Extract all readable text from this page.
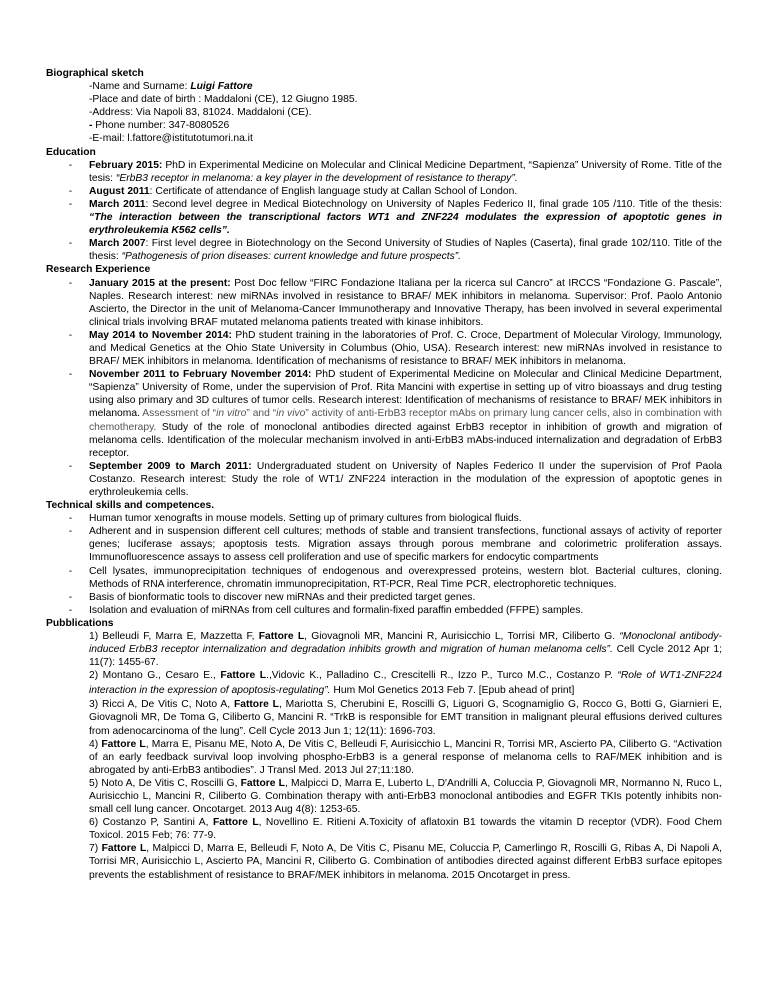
Biographical sketch
-Name and Surname: Luigi Fattore
-Place and date of birth : Maddaloni (CE), 12 Giugno 1985.
-Address: Via Napoli 83, 81024. Maddaloni (CE).
- Phone number: 347-8080526
-E-mail: l.fattore@istitutotumori.na.it
Education
-	February 2015: PhD in Experimental Medicine on Molecular and Clinical Medicine Department, “Sapienza” University of Rome. Title of the tesis: “ErbB3 receptor in melanoma: a key player in the development of resistance to therapy”.
-	August 2011: Certificate of attendance of English language study at Callan School of London.
-	March 2011: Second level degree in Medical Biotechnology on University of Naples Federico II, final grade 105 /110. Title of the thesis: “The interaction between the transcriptional factors WT1 and ZNF224 modulates the expression of apoptotic genes in erythroleukemia K562 cells”.
-	March 2007: First level degree in Biotechnology on the Second University of Studies of Naples (Caserta), final grade 102/110. Title of the thesis: “Pathogenesis of prion diseases: current knowledge and future prospects”.
Research Experience
-	January 2015 at the present: Post Doc fellow “FIRC Fondazione Italiana per la ricerca sul Cancro” at IRCCS “Fondazione G. Pascale”, Naples. Research interest: new miRNAs involved in resistance to BRAF/ MEK inhibitors in melanoma. Supervisor: Prof. Paolo Antonio Ascierto, the Director in the unit of Melanoma-Cancer Immunotherapy and Innovative Therapy, has been involved in several experimental clinical trials involving BRAF mutated melanoma patients treated with kinase inhibitors.
-	May 2014 to November 2014: PhD student training in the laboratories of Prof. C. Croce, Department of Molecular Virology, Immunology, and Medical Genetics at the Ohio State University in Columbus (Ohio, USA). Research interest: new miRNAs involved in resistance to BRAF/ MEK inhibitors in melanoma. Identification of mechanisms of resistance to BRAF/ MEK inhibitors in melanoma.
-	November 2011 to February November 2014: PhD student of Experimental Medicine on Molecular and Clinical Medicine Department, “Sapienza” University of Rome, under the supervision of Prof. Rita Mancini with expertise in setting up of vitro bioassays and drug testing using also primary and 3D cultures of tumor cells. Research interest: Identification of mechanisms of resistance to BRAF/ MEK inhibitors in melanoma. Assessment of “in vitro” and “in vivo” activity of anti-ErbB3 receptor mAbs on primary lung cancer cells, also in combination with chemotherapy. Study of the role of monoclonal antibodies directed against ErbB3 receptor in inhibition of growth and migration of melanoma cells. Identification of the molecular mechanism involved in anti-ErbB3 mAbs-induced internalization and degradation of ErbB3 receptor.
-	September 2009 to March 2011: Undergraduated student on University of Naples Federico II under the supervision of Prof Paola Costanzo. Research interest: Study the role of WT1/ ZNF224 interaction in the modulation of the expression of apoptotic genes in erythroleukemia cells.
Technical skills and competences.
-	Human tumor xenografts in mouse models. Setting up of primary cultures from biological fluids.
-	Adherent and in suspension different cell cultures; methods of stable and transient transfections, functional assays of activity of reporter genes; luciferase assays; apoptosis tests. Migration assays through porous membrane and colorimetric proliferation assays. Immunofluorescence assays to assess cell proliferation and use of specific markers for endocytic compartments
-	Cell lysates, immunoprecipitation techniques of endogenous and overexpressed proteins, western blot. Bacterial cultures, cloning. Methods of RNA interference, chromatin immunoprecipitation, RT-PCR, Real Time PCR, electrophoretic techniques.
-	Basis of bionformatic tools to discover new miRNAs and their predicted target genes.
-	Isolation and evaluation of miRNAs from cell cultures and formalin-fixed paraffin embedded (FFPE) samples.
Pubblications

1) Belleudi F, Marra E, Mazzetta F, Fattore L, Giovagnoli MR, Mancini R, Aurisicchio L, Torrisi MR, Ciliberto G. “Monoclonal antibody-induced ErbB3 receptor internalization and degradation inhibits growth and migration of human melanoma cells”. Cell Cycle 2012 Apr 1; 11(7): 1455-67.

2) Montano G., Cesaro E., Fattore L.,Vidovic K., Palladino C., Crescitelli R., Izzo P., Turco M.C., Costanzo P. “Role of WT1-ZNF224 interaction in the expression of apoptosis-regulating”. Hum Mol Genetics 2013 Feb 7. [Epub ahead of print]

3) Ricci A, De Vitis C, Noto A, Fattore L, Mariotta S, Cherubini E, Roscilli G, Liguori G, Scognamiglio G, Rocco G, Botti G, Giarnieri E, Giovagnoli MR, De Toma G, Ciliberto G, Mancini R. “TrkB is responsible for EMT transition in malignant pleural effusions derived cultures from adenocarcinoma of the lung”. Cell Cycle 2013 Jun 1; 12(11): 1696-703.

4) Fattore L, Marra E, Pisanu ME, Noto A, De Vitis C, Belleudi F, Aurisicchio L, Mancini R, Torrisi MR, Ascierto PA, Ciliberto G. “Activation of an early feedback survival loop involving phospho-ErbB3 is a general response of melanoma cells to RAF/MEK inhibition and is abrogated by anti-ErbB3 antibodies”. J Transl Med. 2013 Jul 27;11:180.

5) Noto A, De Vitis C, Roscilli G, Fattore L, Malpicci D, Marra E, Luberto L, D'Andrilli A, Coluccia P, Giovagnoli MR, Normanno N, Ruco L, Aurisicchio L, Mancini R, Ciliberto G. Combination therapy with anti-ErbB3 monoclonal antibodies and EGFR TKIs potently inhibits non-small cell lung cancer. Oncotarget. 2013 Aug 4(8): 1253-65.

6) Costanzo P, Santini A, Fattore L, Novellino E. Ritieni A.Toxicity of aflatoxin B1 towards the vitamin D receptor (VDR). Food Chem Toxicol. 2015 Feb; 76: 77-9.

7) Fattore L, Malpicci D, Marra E, Belleudi F, Noto A, De Vitis C, Pisanu ME, Coluccia P, Camerlingo R, Roscilli G, Ribas A, Di Napoli A, Torrisi MR, Aurisicchio L, Ascierto PA, Mancini R, Ciliberto G. Combination of antibodies directed against different ErbB3 surface epitopes prevents the establishment of resistance to BRAF/MEK inhibitors in melanoma. 2015 Oncotarget in press.
